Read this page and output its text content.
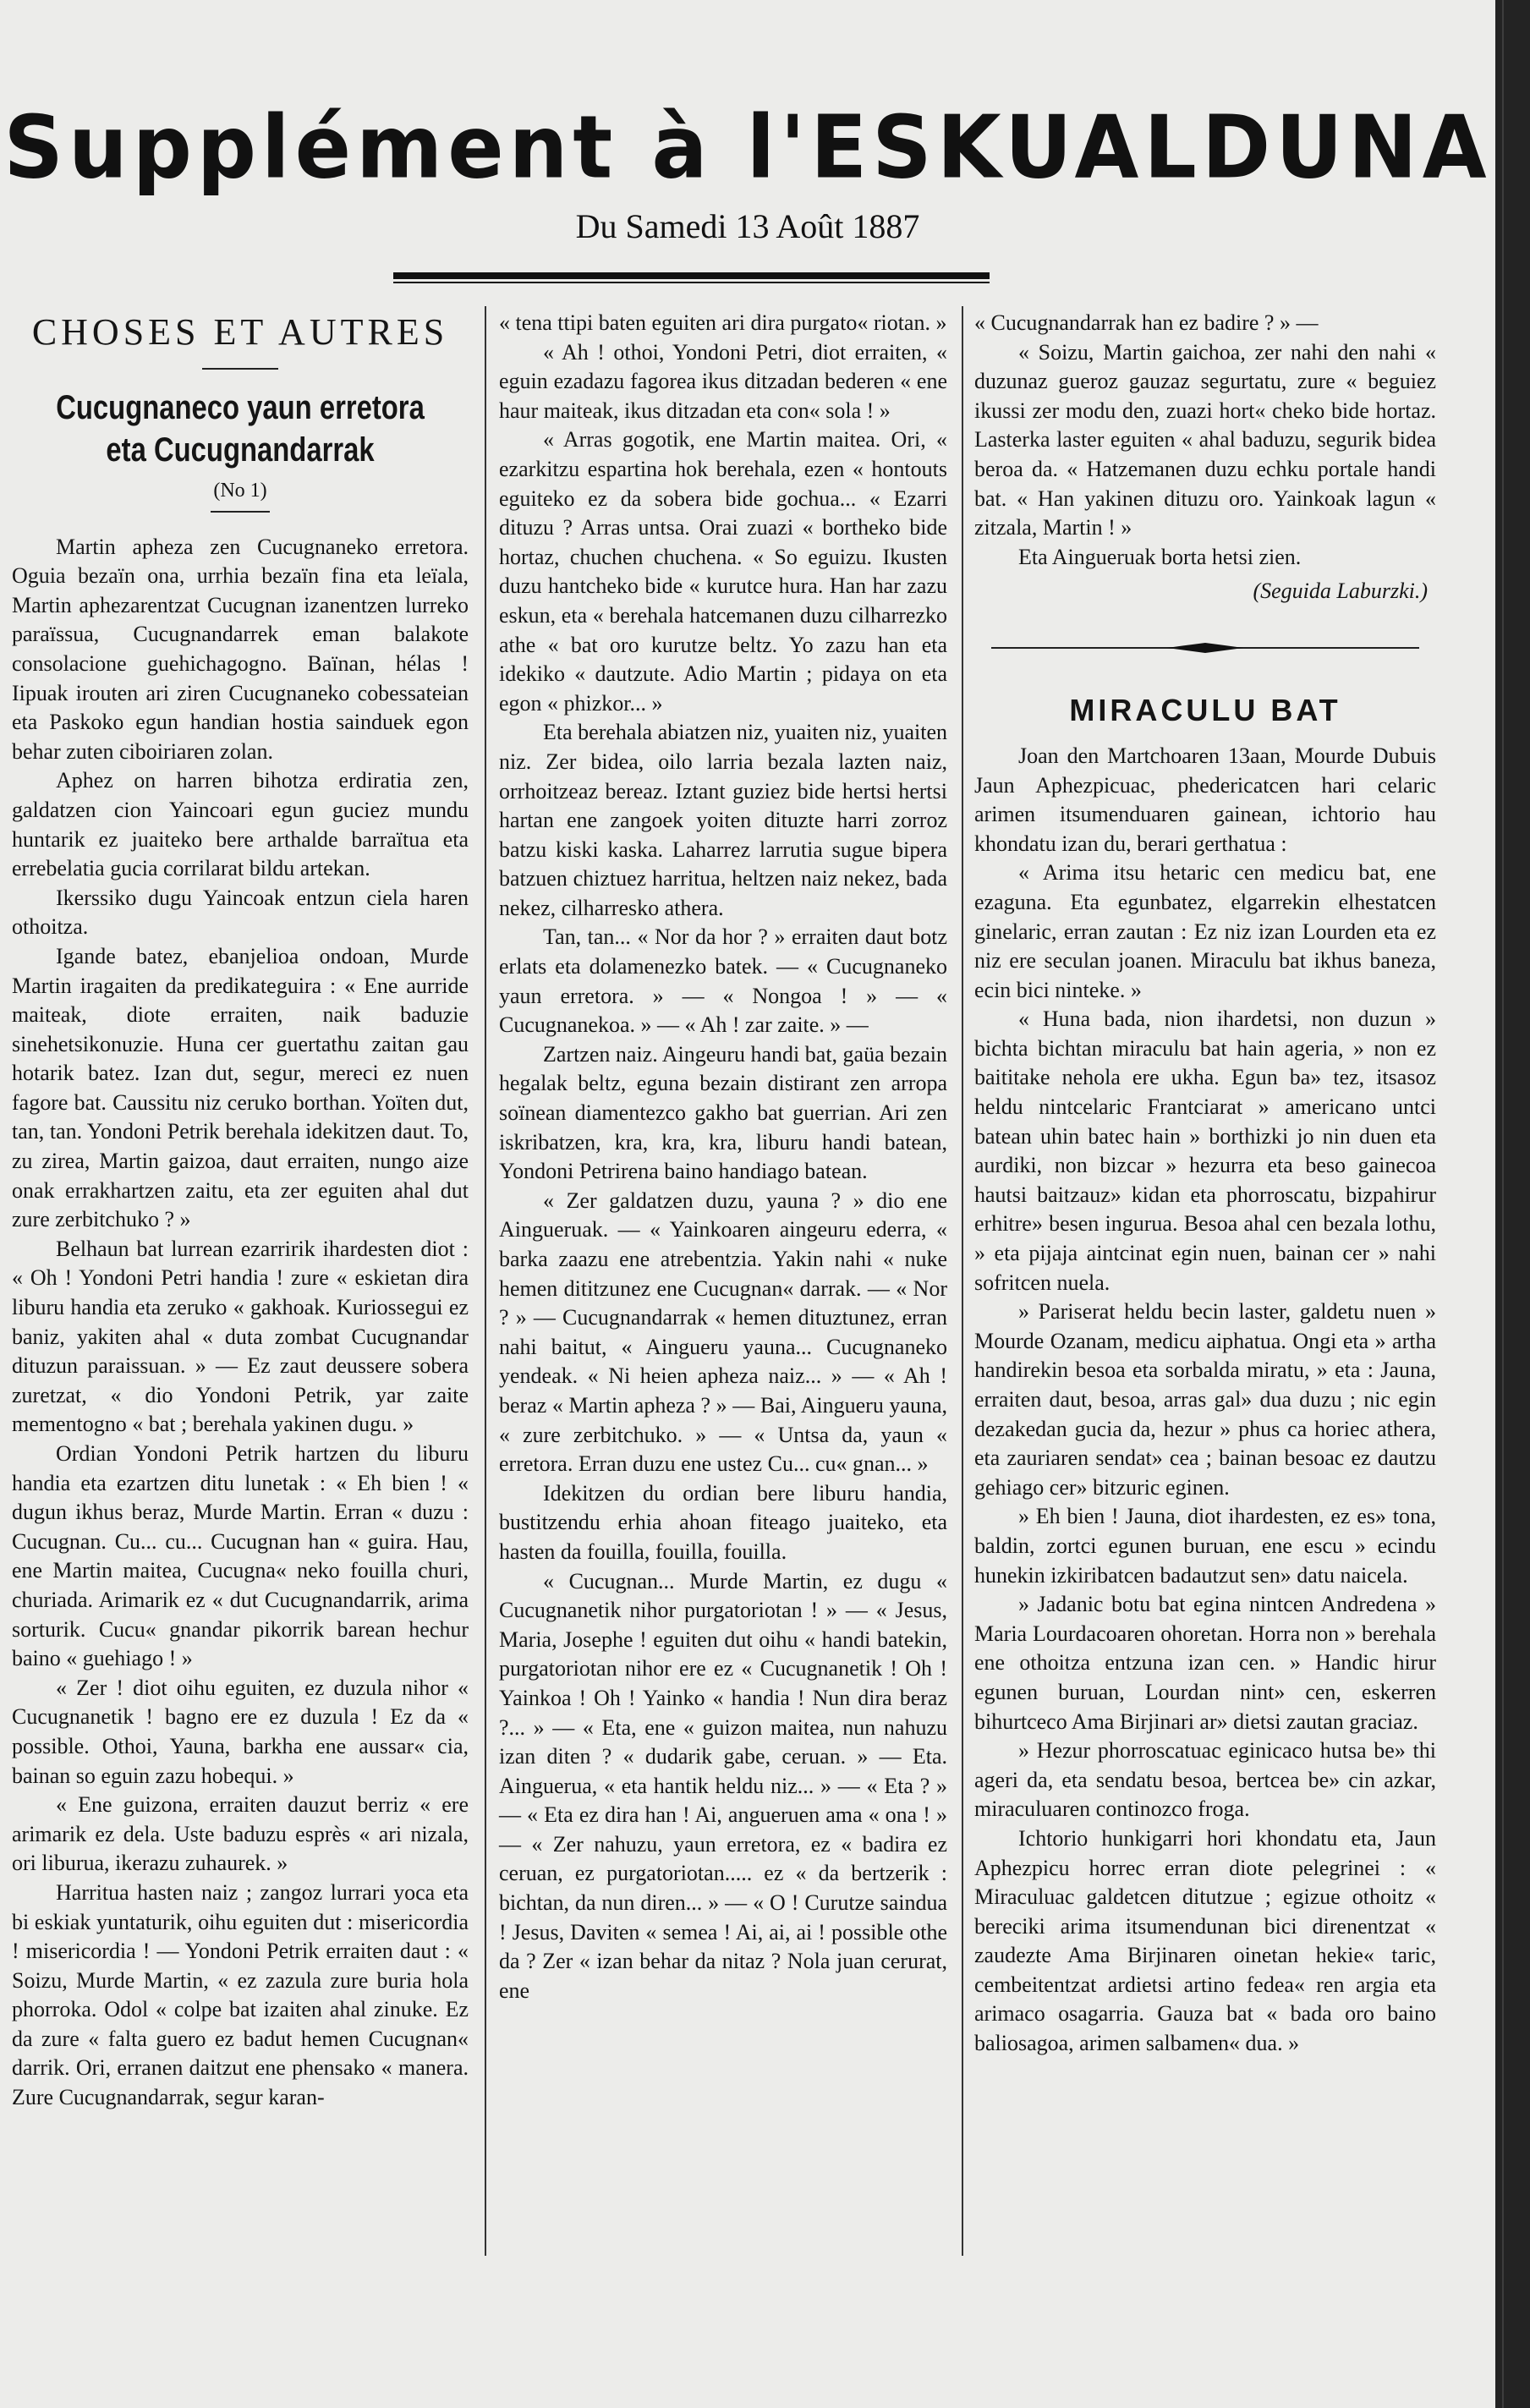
Supplément à l'ESKUALDUNA
Du Samedi 13 Août 1887
CHOSES ET AUTRES

Cucugnaneco yaun erretora

eta Cucugnandarrak

(No 1)

Martin apheza zen Cucugnaneko erretora. Oguia bezaïn ona, urrhia bezaïn fina eta leïala, Martin aphezarentzat Cucugnan izanentzen lurreko paraïssua, Cucugnandarrek eman balakote consolacione guehichagogno. Baïnan, hélas ! Iipuak irouten ari ziren Cucugnaneko cobessateian eta Paskoko egun handian hostia sainduek egon behar zuten ciboiriaren zolan.

Aphez on harren bihotza erdiratia zen, galdatzen cion Yaincoari egun guciez mundu huntarik ez juaiteko bere arthalde barraïtua eta errebelatia gucia corrilarat bildu artekan.

Ikerssiko dugu Yaincoak entzun ciela haren othoitza.

Igande batez, ebanjelioa ondoan, Murde Martin iragaiten da predikateguira : « Ene aurride maiteak, diote erraiten, naik baduzie sinehetsikonuzie. Huna cer guertathu zaitan gau hotarik batez. Izan dut, segur, mereci ez nuen fagore bat. Caussitu niz ceruko borthan. Yoïten dut, tan, tan. Yondoni Petrik berehala idekitzen daut. To, zu zirea, Martin gaizoa, daut erraiten, nungo aize onak errakhartzen zaitu, eta zer eguiten ahal dut zure zerbitchuko ? »

Belhaun bat lurrean ezarririk ihardesten diot : « Oh ! Yondoni Petri handia ! zure « eskietan dira liburu handia eta zeruko « gakhoak. Kuriossegui ez baniz, yakiten ahal « duta zombat Cucugnandar dituzun paraissuan. » — Ez zaut deussere sobera zuretzat, « dio Yondoni Petrik, yar zaite mementogno « bat ; berehala yakinen dugu. »

Ordian Yondoni Petrik hartzen du liburu handia eta ezartzen ditu lunetak : « Eh bien ! « dugun ikhus beraz, Murde Martin. Erran « duzu : Cucugnan. Cu... cu... Cucugnan han « guira. Hau, ene Martin maitea, Cucugna« neko fouilla churi, churiada. Arimarik ez « dut Cucugnandarrik, arima sorturik. Cucu« gnandar pikorrik barean hechur baino « guehiago ! »

« Zer ! diot oihu eguiten, ez duzula nihor « Cucugnanetik ! bagno ere ez duzula ! Ez da « possible. Othoi, Yauna, barkha ene aussar« cia, bainan so eguin zazu hobequi. »

« Ene guizona, erraiten dauzut berriz « ere arimarik ez dela. Uste baduzu esprès « ari nizala, ori liburua, ikerazu zuhaurek. »

Harritua hasten naiz ; zangoz lurrari yoca eta bi eskiak yuntaturik, oihu eguiten dut : misericordia ! misericordia ! — Yondoni Petrik erraiten daut : « Soizu, Murde Martin, « ez zazula zure buria hola phorroka. Odol « colpe bat izaiten ahal zinuke. Ez da zure « falta guero ez badut hemen Cucugnan« darrik. Ori, erranen daitzut ene phensako « manera. Zure Cucugnandarrak, segur karan-

« tena ttipi baten eguiten ari dira purgato« riotan. »

« Ah ! othoi, Yondoni Petri, diot erraiten, « eguin ezadazu fagorea ikus ditzadan bederen « ene haur maiteak, ikus ditzadan eta con« sola ! »

« Arras gogotik, ene Martin maitea. Ori, « ezarkitzu espartina hok berehala, ezen « hontouts eguiteko ez da sobera bide gochua... « Ezarri dituzu ? Arras untsa. Orai zuazi « bortheko bide hortaz, chuchen chuchena. « So eguizu. Ikusten duzu hantcheko bide « kurutce hura. Han har zazu eskun, eta « berehala hatcemanen duzu cilharrezko athe « bat oro kurutze beltz. Yo zazu han eta idekiko « dautzute. Adio Martin ; pidaya on eta egon « phizkor... »

Eta berehala abiatzen niz, yuaiten niz, yuaiten niz. Zer bidea, oilo larria bezala lazten naiz, orrhoitzeaz bereaz. Iztant guziez bide hertsi hertsi hartan ene zangoek yoiten dituzte harri zorroz batzu kiski kaska. Laharrez larrutia sugue bipera batzuen chiztuez harritua, heltzen naiz nekez, bada nekez, cilharresko athera.

Tan, tan... « Nor da hor ? » erraiten daut botz erlats eta dolamenezko batek. — « Cucugnaneko yaun erretora. » — « Nongoa ! » — « Cucugnanekoa. » — « Ah ! zar zaite. » —

Zartzen naiz. Aingeuru handi bat, gaüa bezain hegalak beltz, eguna bezain distirant zen arropa soïnean diamentezco gakho bat guerrian. Ari zen iskribatzen, kra, kra, kra, liburu handi batean, Yondoni Petrirena baino handiago batean.

« Zer galdatzen duzu, yauna ? » dio ene Aingueruak. — « Yainkoaren aingeuru ederra, « barka zaazu ene atrebentzia. Yakin nahi « nuke hemen dititzunez ene Cucugnan« darrak. — « Nor ? » — Cucugnandarrak « hemen dituztunez, erran nahi baitut, « Aingueru yauna... Cucugnaneko yendeak. « Ni heien apheza naiz... » — « Ah ! beraz « Martin apheza ? » — Bai, Aingueru yauna, « zure zerbitchuko. » — « Untsa da, yaun « erretora. Erran duzu ene ustez Cu... cu« gnan... »

Idekitzen du ordian bere liburu handia, bustitzendu erhia ahoan fiteago juaiteko, eta hasten da fouilla, fouilla, fouilla.

« Cucugnan... Murde Martin, ez dugu « Cucugnanetik nihor purgatoriotan ! » — « Jesus, Maria, Josephe ! eguiten dut oihu « handi batekin, purgatoriotan nihor ere ez « Cucugnanetik ! Oh ! Yainkoa ! Oh ! Yainko « handia ! Nun dira beraz ?... » — « Eta, ene « guizon maitea, nun nahuzu izan diten ? « dudarik gabe, ceruan. » — Eta. Aingueruа, « eta hantik heldu niz... » — « Eta ? » — « Eta ez dira han ! Ai, angueruen ama « ona ! » — « Zer nahuzu, yaun erretora, ez « badira ez ceruan, ez purgatoriotan..... ez « da bertzerik : bichtan, da nun diren... » — « O ! Curutze saindua ! Jesus, Daviten « semea ! Ai, ai, ai ! possible othe da ? Zer « izan behar da nitaz ? Nola juan cerurat, ene

« Cucugnandarrak han ez badire ? » —

« Soizu, Martin gaichoa, zer nahi den nahi « duzunaz gueroz gauzaz segurtatu, zure « beguiez ikussi zer modu den, zuazi hort« cheko bide hortaz. Lasterka laster eguiten « ahal baduzu, segurik bidea beroa da. « Hatzemanen duzu echku portale handi bat. « Han yakinen dituzu oro. Yainkoak lagun « zitzala, Martin ! »

Eta Aingueruak borta hetsi zien.

(Seguida Laburzki.)

MIRACULU BAT

Joan den Martchoaren 13aan, Mourde Dubuis Jaun Aphezpicuac, phedericatcen hari celaric arimen itsumenduaren gainean, ichtorio hau khondatu izan du, berari gerthatua :

« Arima itsu hetaric cen medicu bat, ene ezaguna. Eta egunbatez, elgarrekin elhestatcen ginelaric, erran zautan : Ez niz izan Lourden eta ez niz ere seculan joanen. Miraculu bat ikhus baneza, ecin bici ninteke. »

« Huna bada, nion ihardetsi, non duzun » bichta bichtan miraculu bat hain ageria, » non ez baititake nehola ere ukha. Egun ba» tez, itsasoz heldu nintcelaric Frantciarat » americano untci batean uhin batec hain » borthizki jo nin duen eta aurdiki, non bizcar » hezurra eta beso gainecoa hautsi baitzauz» kidan eta phorroscatu, bizpahirur erhitre» besen ingurua. Besoa ahal cen bezala lothu, » eta pijaja aintcinat egin nuen, bainan cer » nahi sofritcen nuela.

» Pariserat heldu becin laster, galdetu nuen » Mourde Ozanam, medicu aiphatua. Ongi eta » artha handirekin besoa eta sorbalda miratu, » eta : Jauna, erraiten daut, besoa, arras gal» dua duzu ; nic egin dezakedan gucia da, hezur » phus ca horiec athera, eta zauriaren sendat» cea ; bainan besoac ez dautzu gehiago cer» bitzuric eginen.

» Eh bien ! Jauna, diot ihardesten, ez es» tona, baldin, zortci egunen buruan, ene escu » ecindu hunekin izkiribatcen badautzut sen» datu naicela.

» Jadanic botu bat egina nintcen Andredena » Maria Lourdacoaren ohoretan. Horra non » berehala ene othoitza entzuna izan cen. » Handic hirur egunen buruan, Lourdan nint» cen, eskerren bihurtceco Ama Birjinari ar» dietsi zautan graciaz.

» Hezur phorroscatuac eginicaco hutsa be» thi ageri da, eta sendatu besoa, bertcea be» cin azkar, miraculuaren continozco froga.

Ichtorio hunkigarri hori khondatu eta, Jaun Aphezpicu horrec erran diote pelegrinei : « Miraculuac galdetcen ditutzue ; egizue othoitz « bereciki arima itsumendunan bici direnentzat « zaudezte Ama Birjinaren oinetan hekie« taric, cembeitentzat ardietsi artino fedea« ren argia eta arimaco osagarria. Gauza bat « bada oro baino baliosagoa, arimen salbamen« dua. »
